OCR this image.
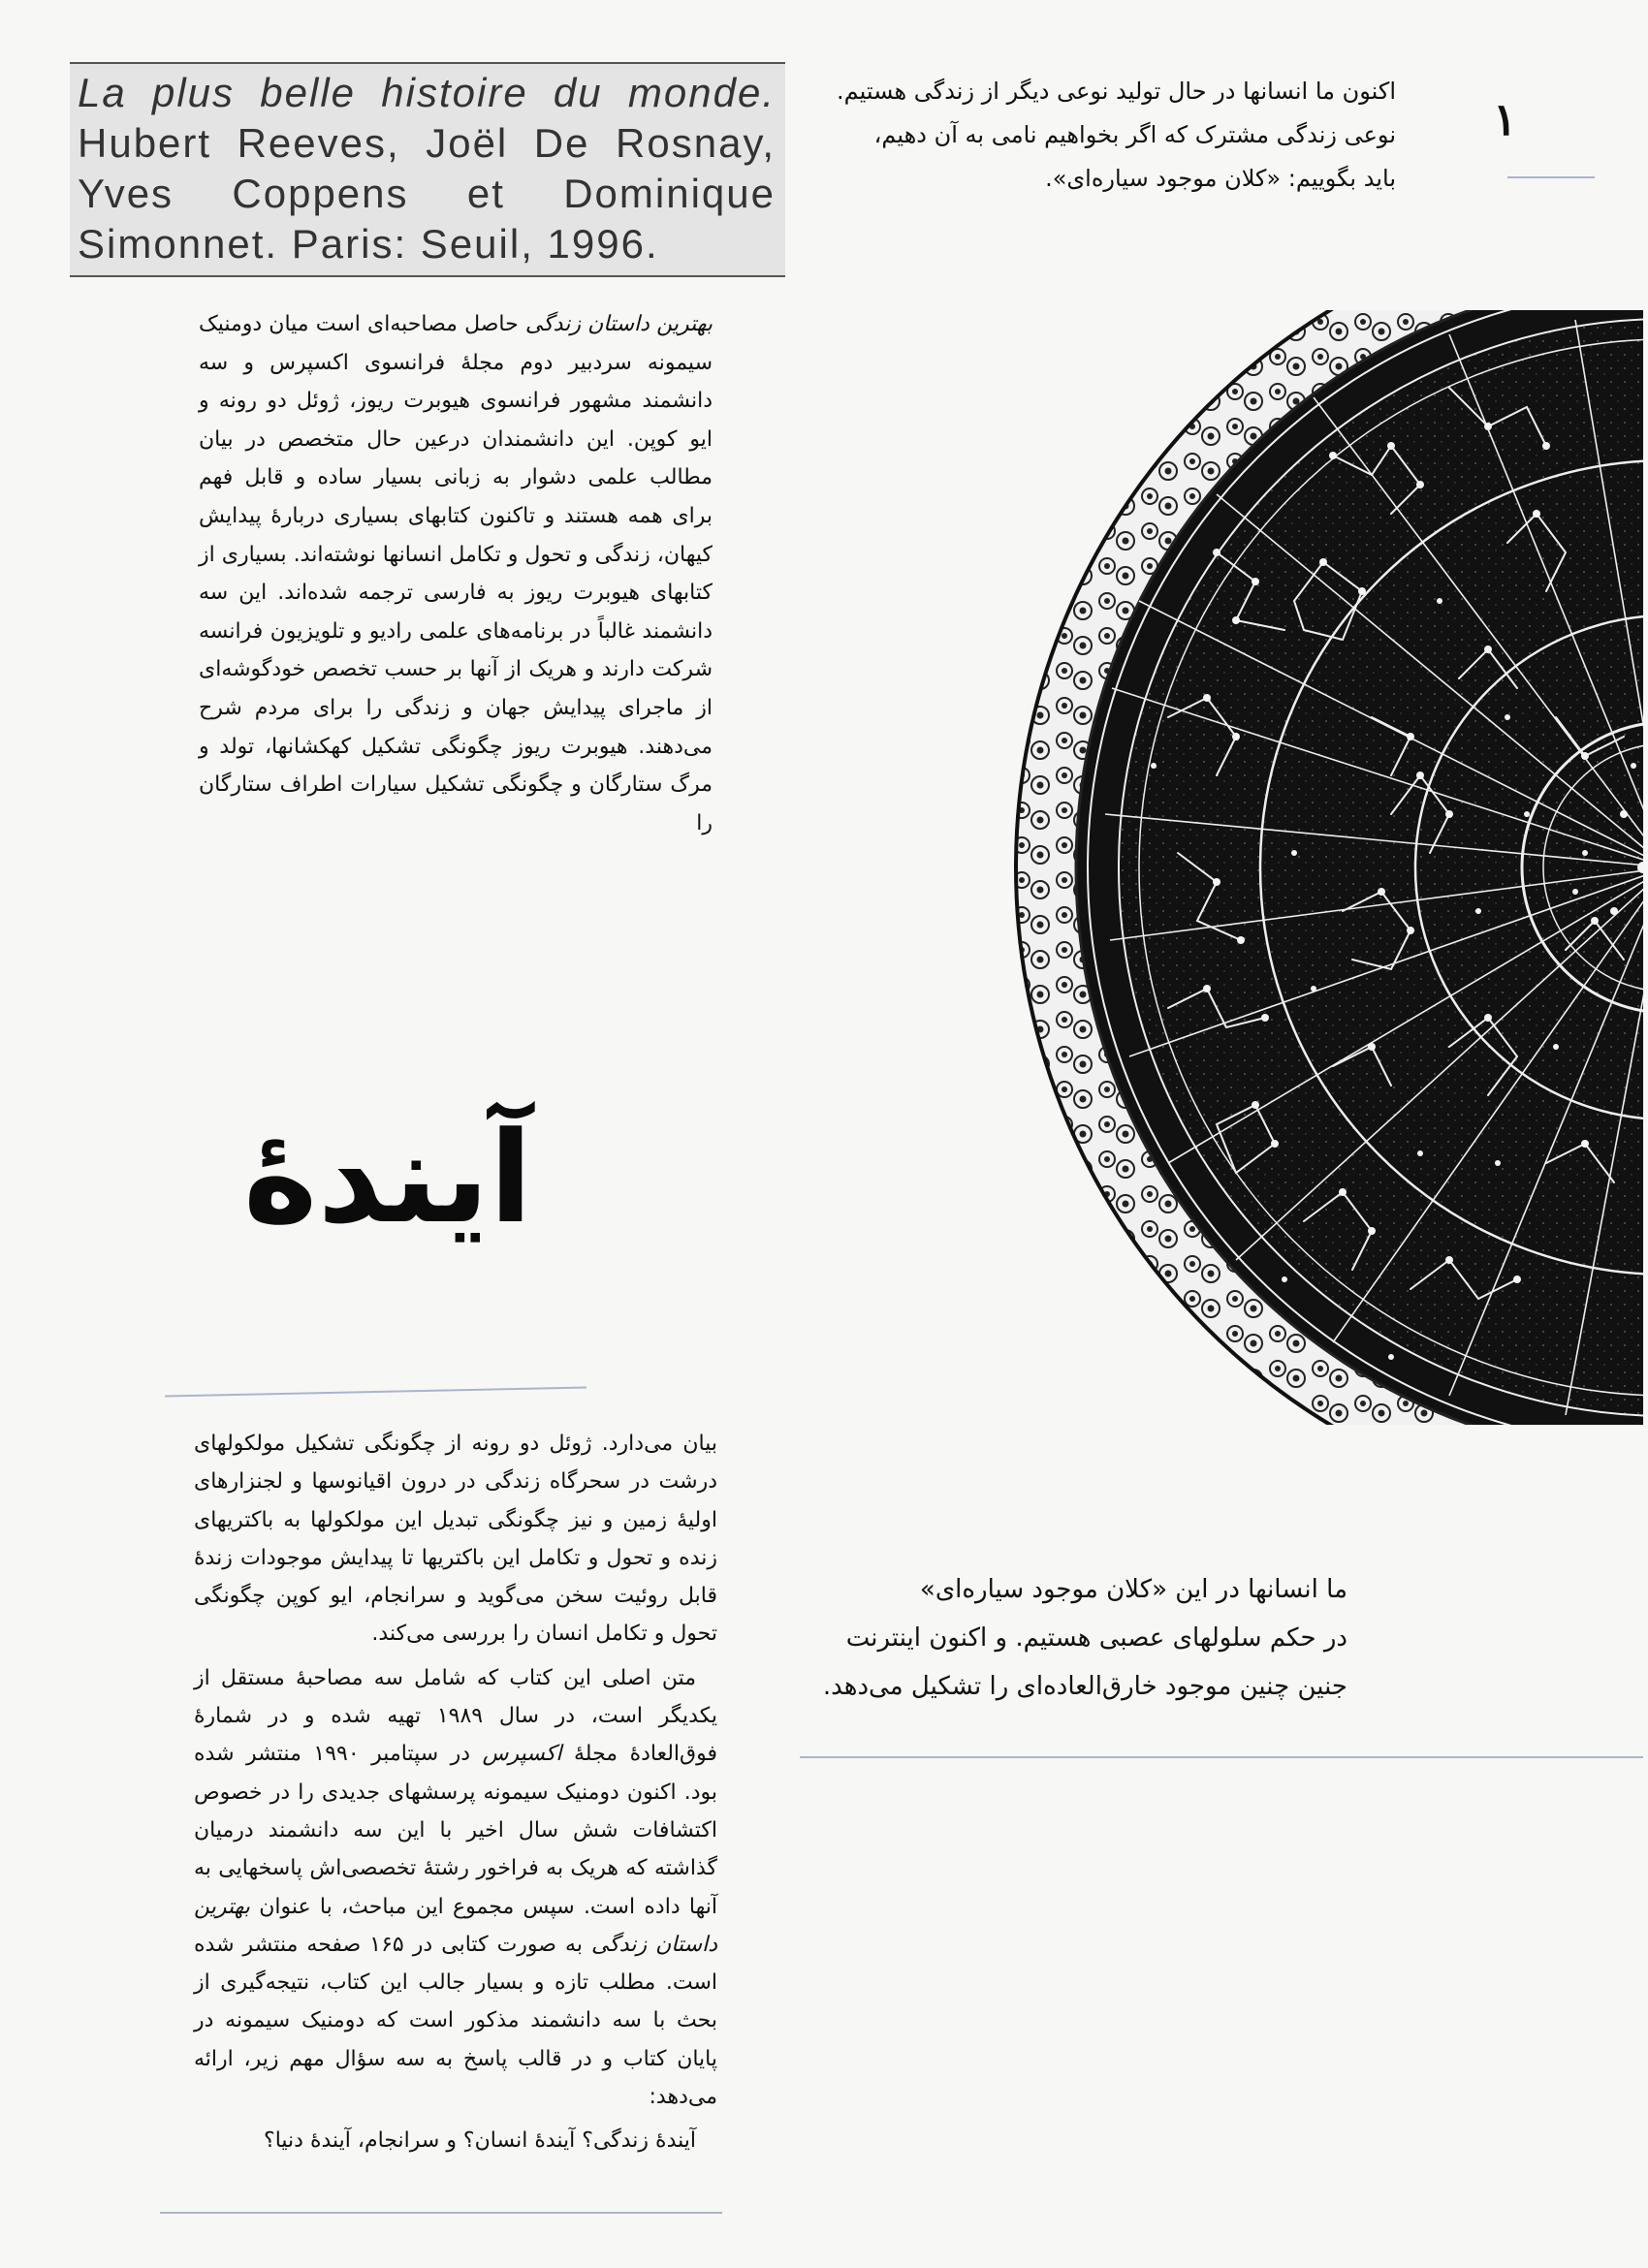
La plus belle histoire du monde.

Hubert Reeves, Joël De Rosnay,

Yves Coppens et Dominique

Simonnet. Paris: Seuil, 1996.

اکنون ما انسانها در حال تولید نوعی دیگر از زندگی هستیم.
نوعی زندگی مشترک که اگر بخواهیم نامی به آن دهیم،
باید بگوییم: «کلان موجود سیاره‌ای».
۱
بهترین داستان زندگی حاصل مصاحبه‌ای است میان دومنیک سیمونه سردبیر دوم مجلهٔ فرانسوی اکسپرس و سه دانشمند مشهور فرانسوی هیوبرت ریوز، ژوئل دو رونه و ایو کوپن. این دانشمندان درعین حال متخصص در بیان مطالب علمی دشوار به زبانی بسیار ساده و قابل فهم برای همه هستند و تاکنون کتابهای بسیاری دربارهٔ پیدایش کیهان، زندگی و تحول و تکامل انسانها نوشته‌اند. بسیاری از کتابهای هیوبرت ریوز به فارسی ترجمه شده‌اند. این سه دانشمند غالباً در برنامه‌های علمی رادیو و تلویزیون فرانسه شرکت دارند و هریک از آنها بر حسب تخصص خودگوشه‌ای از ماجرای پیدایش جهان و زندگی را برای مردم شرح می‌دهند. هیوبرت ریوز چگونگی تشکیل کهکشانها، تولد و مرگ ستارگان و چگونگی تشکیل سیارات اطراف ستارگان را
آیندهٔ

بیان می‌دارد. ژوئل دو رونه از چگونگی تشکیل مولکولهای درشت در سحرگاه زندگی در درون اقیانوسها و لجنزارهای اولیهٔ زمین و نیز چگونگی تبدیل این مولکولها به باکتریهای زنده و تحول و تکامل این باکتریها تا پیدایش موجودات زندهٔ قابل روئیت سخن می‌گوید و سرانجام، ایو کوپن چگونگی تحول و تکامل انسان را بررسی می‌کند.

متن اصلی این کتاب که شامل سه مصاحبهٔ مستقل از یکدیگر است، در سال ۱۹۸۹ تهیه شده و در شمارهٔ فوق‌العادهٔ مجلهٔ اکسپرس در سپتامبر ۱۹۹۰ منتشر شده بود. اکنون دومنیک سیمونه پرسشهای جدیدی را در خصوص اکتشافات شش سال اخیر با این سه دانشمند درمیان گذاشته که هریک به فراخور رشتهٔ تخصصی‌اش پاسخهایی به آنها داده است. سپس مجموع این مباحث، با عنوان بهترین داستان زندگی به صورت کتابی در ۱۶۵ صفحه منتشر شده است. مطلب تازه و بسیار جالب این کتاب، نتیجه‌گیری از بحث با سه دانشمند مذکور است که دومنیک سیمونه در پایان کتاب و در قالب پاسخ به سه سؤال مهم زیر، ارائه می‌دهد:

آیندهٔ زندگی؟ آیندهٔ انسان؟ و سرانجام، آیندهٔ دنیا؟

ما انسانها در این «کلان موجود سیاره‌ای»
در حکم سلولهای عصبی هستیم. و اکنون اینترنت
جنین چنین موجود خارق‌العاده‌ای را تشکیل می‌دهد.
